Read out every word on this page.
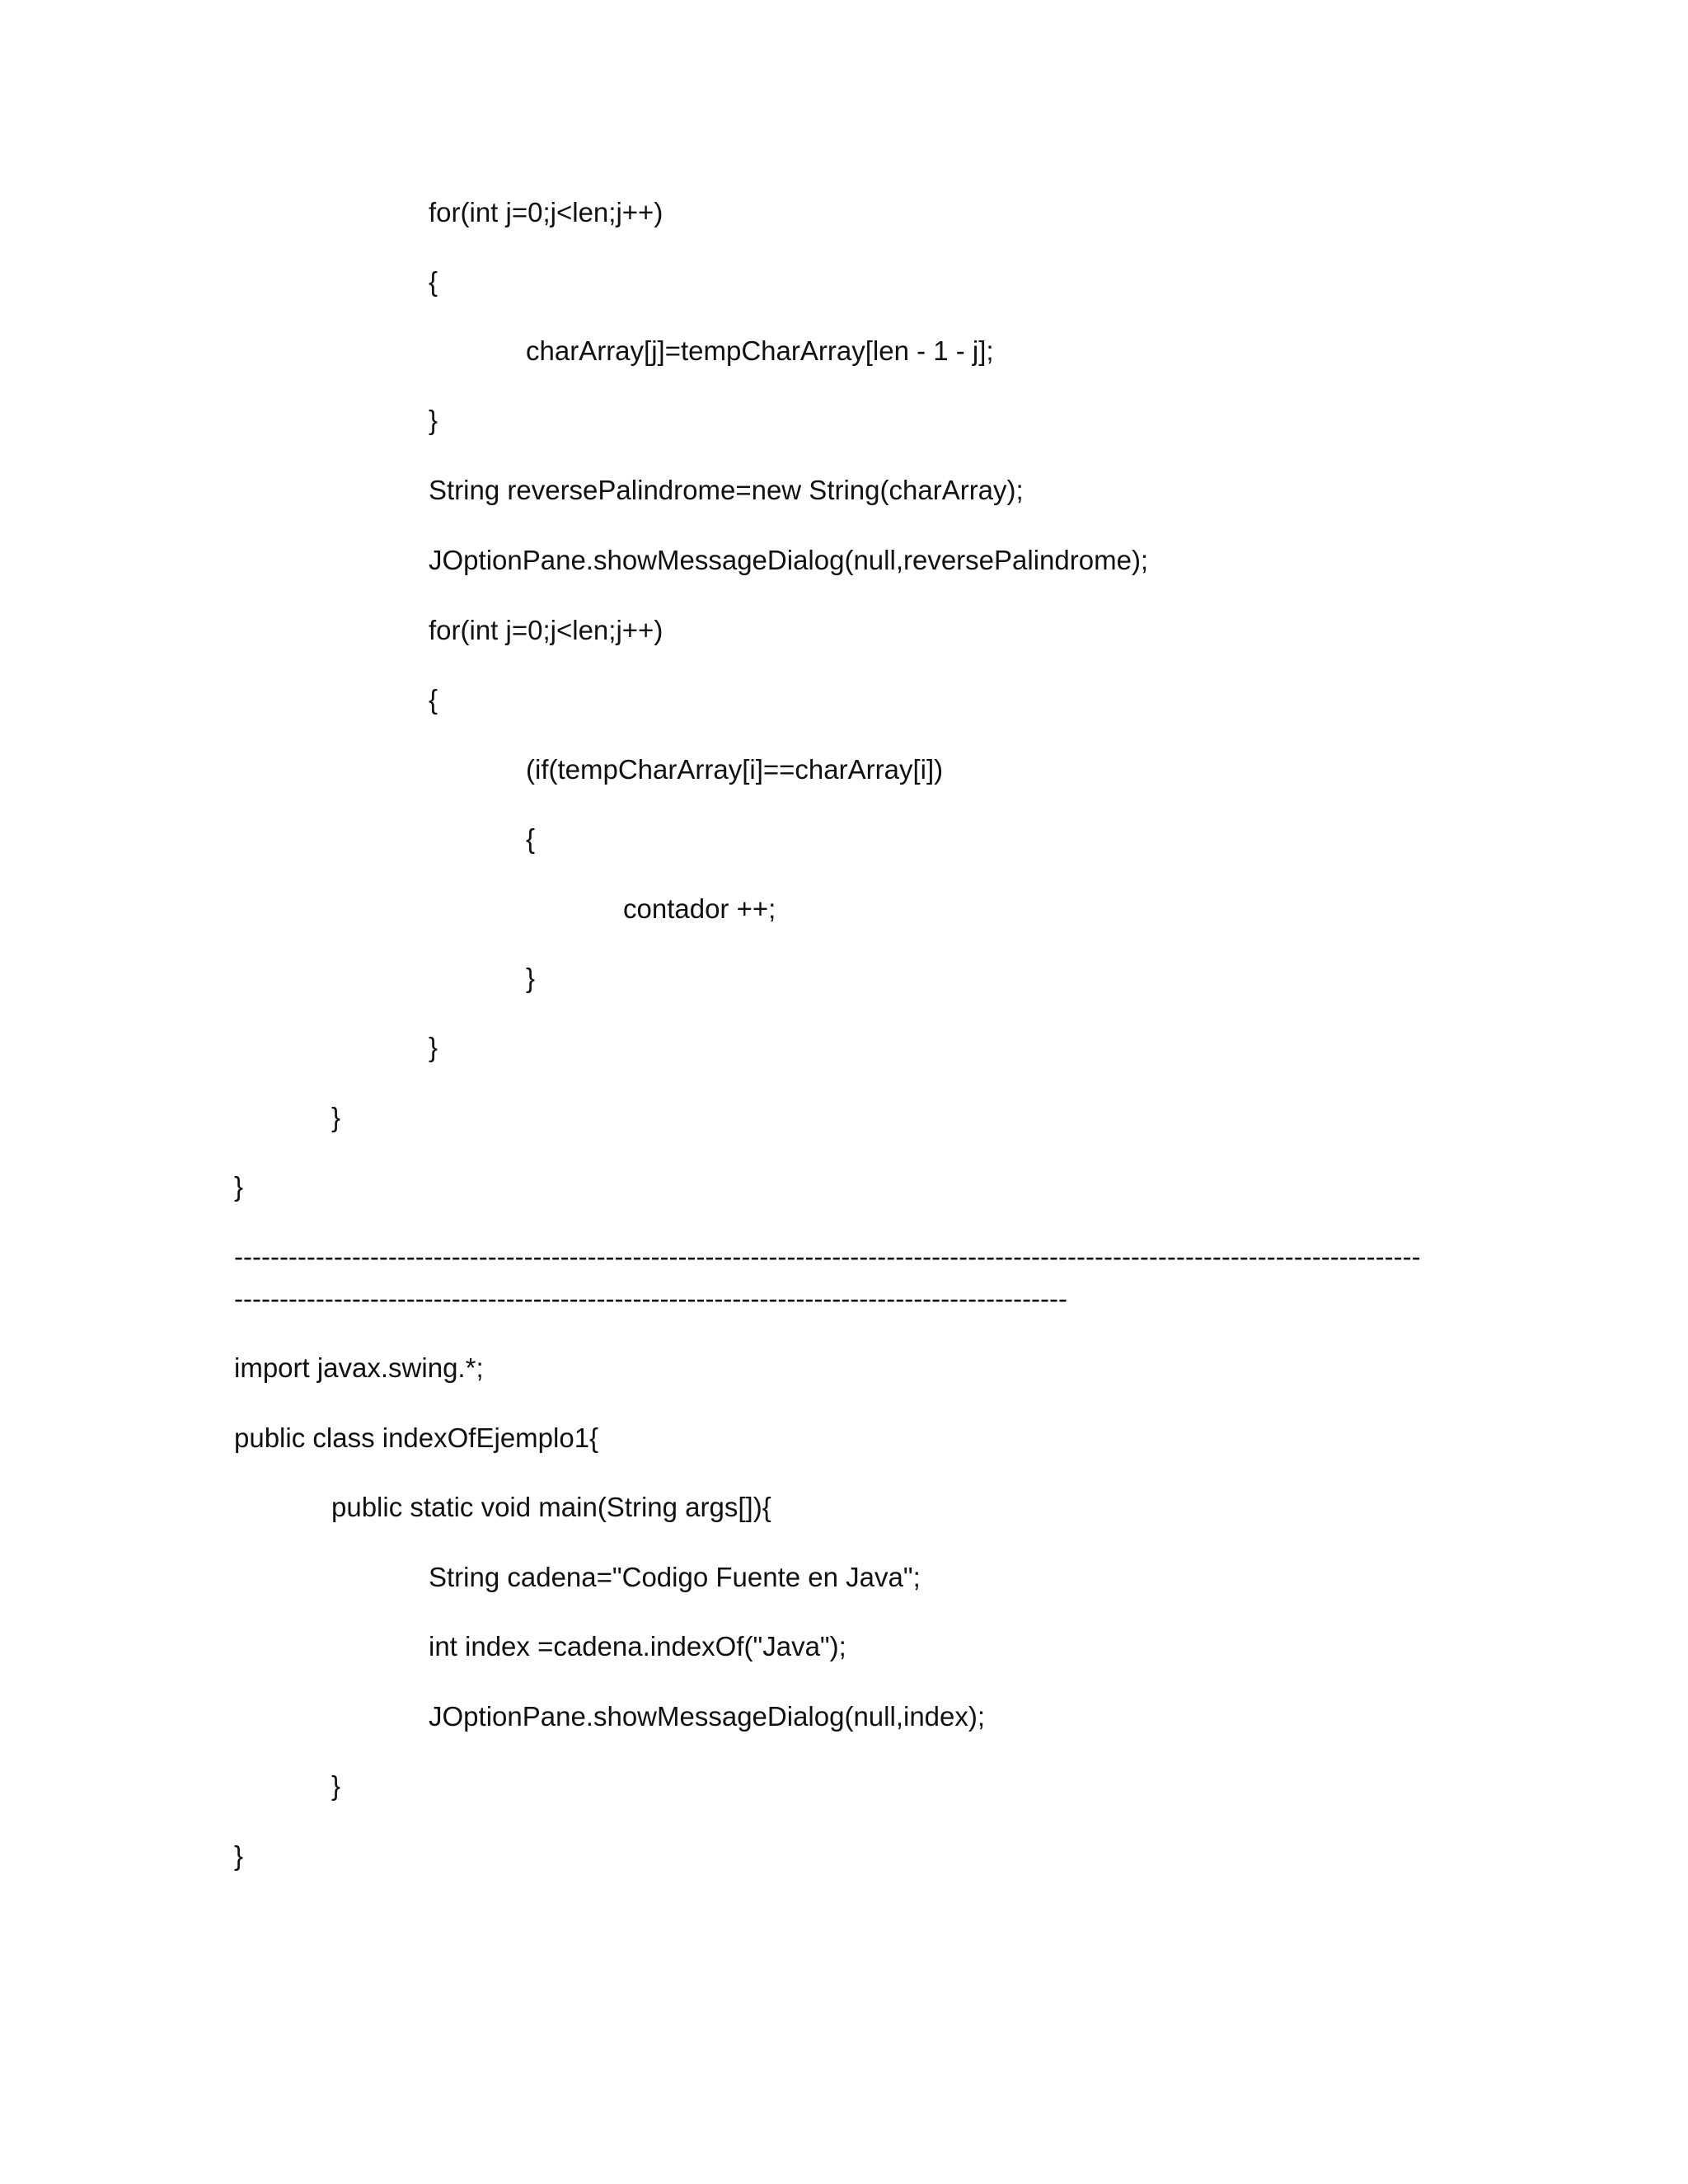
for(int j=0;j<len;j++)
{
charArray[j]=tempCharArray[len - 1 - j];
}
String reversePalindrome=new String(charArray);
JOptionPane.showMessageDialog(null,reversePalindrome);
for(int j=0;j<len;j++)
{
(if(tempCharArray[i]==charArray[i])
{
contador ++;
}
}
}
}
-----------------------------------------------------------------------------------------------------------------------------------
--------------------------------------------------------------------------------------------
import javax.swing.*;
public class indexOfEjemplo1{
public static void main(String args[]){
String cadena="Codigo Fuente en Java";
int index =cadena.indexOf("Java");
JOptionPane.showMessageDialog(null,index);
}
}
